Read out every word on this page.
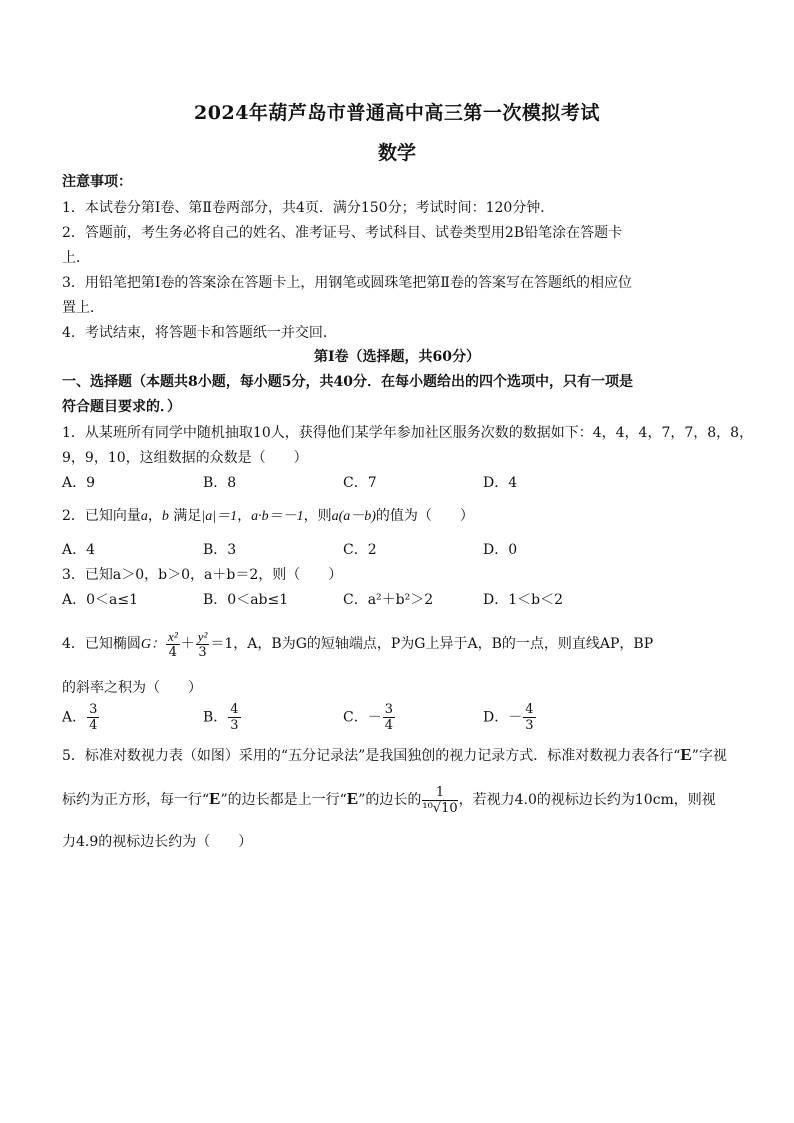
2024年葫芦岛市普通高中高三第一次模拟考试
数学
注意事项：
1．本试卷分第Ⅰ卷、第Ⅱ卷两部分，共4页．满分150分；考试时间：120分钟．
2．答题前，考生务必将自己的姓名、准考证号、考试科目、试卷类型用2B铅笔涂在答题卡
上．
3．用铅笔把第Ⅰ卷的答案涂在答题卡上，用钢笔或圆珠笔把第Ⅱ卷的答案写在答题纸的相应位
置上．
4．考试结束，将答题卡和答题纸一并交回．
第Ⅰ卷（选择题，共60分）
一、选择题（本题共8小题，每小题5分，共40分．在每小题给出的四个选项中，只有一项是
符合题目要求的．）
1．从某班所有同学中随机抽取10人，获得他们某学年参加社区服务次数的数据如下：4，4，4，7，7，8，8，
9，9，10，这组数据的众数是（　　）
A．9	B．8	C．7	D．4
2．已知向量a，b 满足|a|＝1，a·b＝－1，则a(a－b)的值为（　　）
A．4	B．3	C．2	D．0
3．已知a＞0，b＞0，a＋b＝2，则（　　）
A．0＜a≤1	B．0＜ab≤1	C．a²＋b²＞2	D．1＜b＜2
4．已知椭圆G： $\frac{\text{x²}}{4} + \frac{\text{y²}}{3} =1$，A，B为G的短轴端点，P为G上异于A，B的一点，则直线AP，BP
的斜率之积为（　　）
A． $\frac{3}{4}$	B． $\frac{4}{3}$	C．－ $\frac{3}{4}$	D．－ $\frac{4}{3}$
5．标准对数视力表（如图）采用的“五分记录法”是我国独创的视力记录方式．标准对数视力表各行“E”字视
标约为正方形，每一行“E”的边长都是上一行“E”的边长的 $\frac{1}{\text{¹⁰√10}}$ ，若视力4.0的视标边长约为10cm，则视
力4.9的视标边长约为（　　）
